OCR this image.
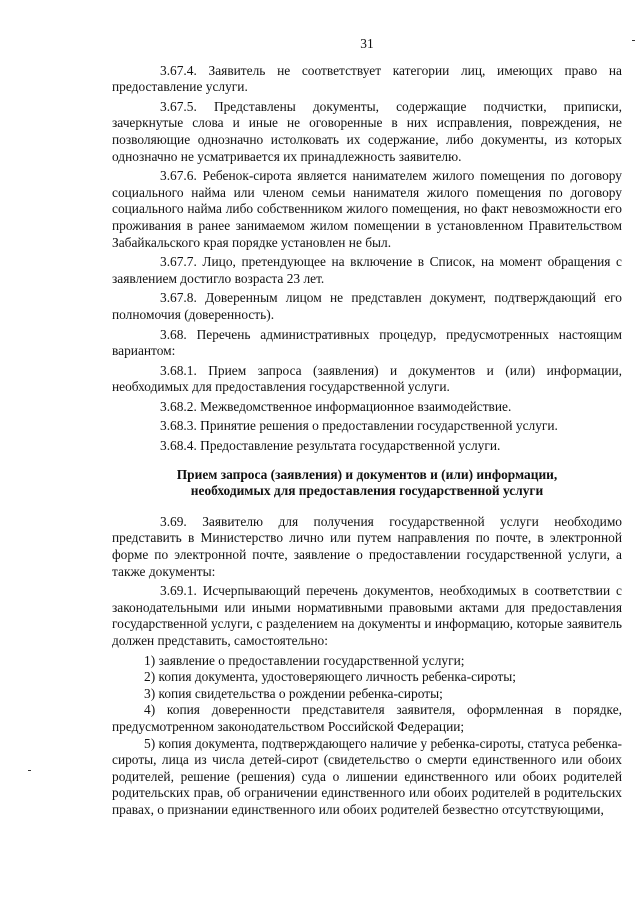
31

3.67.4. Заявитель не соответствует категории лиц, имеющих право на предоставление услуги.

3.67.5. Представлены документы, содержащие подчистки, приписки, зачеркнутые слова и иные не оговоренные в них исправления, повреждения, не позволяющие однозначно истолковать их содержание, либо документы, из которых однозначно не усматривается их принадлежность заявителю.

3.67.6. Ребенок-сирота является нанимателем жилого помещения по договору социального найма или членом семьи нанимателя жилого помещения по договору социального найма либо собственником жилого помещения, но факт невозможности его проживания в ранее занимаемом жилом помещении в установленном Правительством Забайкальского края порядке установлен не был.

3.67.7. Лицо, претендующее на включение в Список, на момент обращения с заявлением достигло возраста 23 лет.

3.67.8. Доверенным лицом не представлен документ, подтверждающий его полномочия (доверенность).

3.68. Перечень административных процедур, предусмотренных настоящим вариантом:

3.68.1. Прием запроса (заявления) и документов и (или) информации, необходимых для предоставления государственной услуги.

3.68.2. Межведомственное информационное взаимодействие.

3.68.3. Принятие решения о предоставлении государственной услуги.

3.68.4. Предоставление результата государственной услуги.

Прием запроса (заявления) и документов и (или) информации,
необходимых для предоставления государственной услуги

3.69. Заявителю для получения государственной услуги необходимо представить в Министерство лично или путем направления по почте, в электронной форме по электронной почте, заявление о предоставлении государственной услуги, а также документы:

3.69.1. Исчерпывающий перечень документов, необходимых в соответствии с законодательными или иными нормативными правовыми актами для предоставления государственной услуги, с разделением на документы и информацию, которые заявитель должен представить, самостоятельно:

1) заявление о предоставлении государственной услуги;

2) копия документа, удостоверяющего личность ребенка-сироты;

3) копия свидетельства о рождении ребенка-сироты;

4) копия доверенности представителя заявителя, оформленная в порядке, предусмотренном законодательством Российской Федерации;

5) копия документа, подтверждающего наличие у ребенка-сироты, статуса ребенка-сироты, лица из числа детей-сирот (свидетельство о смерти единственного или обоих родителей, решение (решения) суда о лишении единственного или обоих родителей родительских прав, об ограничении единственного или обоих родителей в родительских правах, о признании единственного или обоих родителей безвестно отсутствующими,
